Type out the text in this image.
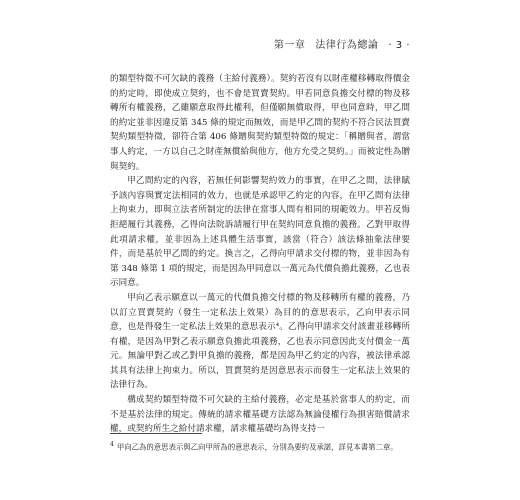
第一章 法律行為總論 · 3 ·

的類型特徵不可欠缺的義務（主給付義務）。契約若沒有以財產權移轉取得價金的約定時，即使成立契約，也不會是買賣契約。甲若同意負擔交付標的物及移轉所有權義務，乙雖願意取得此權利，但僅願無償取得，甲也同意時，甲乙間的約定並非因違反第 345 條的規定而無效，而是甲乙間的契約不符合民法買賣契約類型特徵，卻符合第 406 條贈與契約類型特徵的規定：「稱贈與者，謂當事人約定，一方以自己之財產無償給與他方，他方允受之契約。」而被定性為贈與契約。

甲乙間約定的內容，若無任何影響契約效力的事實，在甲乙之間，法律賦予該內容與實定法相同的效力，也就是承認甲乙約定的內容，在甲乙間有法律上拘束力，即與立法者所制定的法律在當事人間有相同的規範效力。甲若反悔拒絕履行其義務，乙得向法院訴請履行甲在契約同意負擔的義務。乙對甲取得此項請求權，並非因為上述具體生活事實，該當（符合）該法條抽象法律要件，而是基於甲乙間的約定。換言之，乙得向甲請求交付標的物，並非因為有第 348 條第 1 項的規定，而是因為甲同意以一萬元為代價負擔此義務，乙也表示同意。

甲向乙表示願意以一萬元的代價負擔交付標的物及移轉所有權的義務，乃以訂立買賣契約（發生一定私法上效果）為目的的意思表示，乙向甲表示同意，也是得發生一定私法上效果的意思表示⁴。乙得向甲請求交付該畫並移轉所有權，是因為甲對乙表示願意負擔此項義務，乙也表示同意因此支付價金一萬元。無論甲對乙或乙對甲負擔的義務，都是因為甲乙約定的內容，被法律承認其具有法律上拘束力。所以，買賣契約是因意思表示而發生一定私法上效果的法律行為。

構成契約類型特徵不可欠缺的主給付義務，必定是基於當事人的約定，而不是基於法律的規定。傳統的請求權基礎方法認為無論侵權行為損害賠償請求權，或契約所生之給付請求權，請求權基礎均為得支持一

$^4$ 甲向乙為的意思表示與乙向甲所為的意思表示，分別為要約及承諾，詳見本書第二章。
